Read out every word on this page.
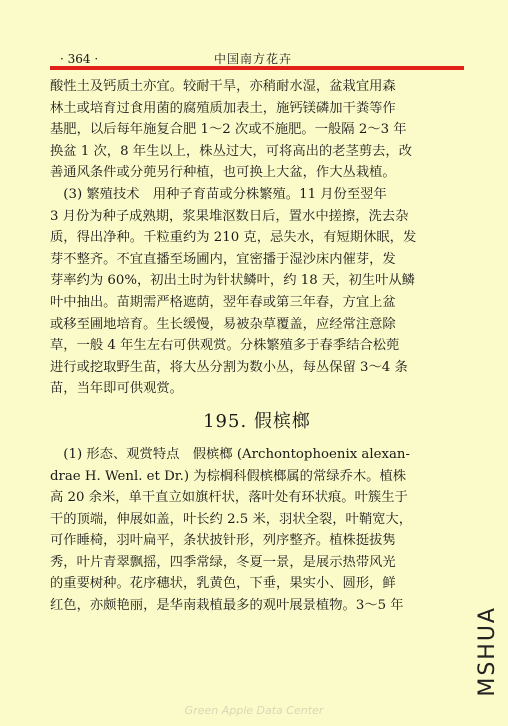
· 364 ·	中国南方花卉
酸性土及钙质土亦宜。较耐干旱，亦稍耐水湿，盆栽宜用森
林土或培育过食用菌的腐殖质加表土，施钙镁磷加干粪等作
基肥，以后每年施复合肥 1～2 次或不施肥。一般隔 2～3 年
换盆 1 次，8 年生以上，株丛过大，可将高出的老茎剪去，改
善通风条件或分蔸另行种植，也可换上大盆，作大丛栽植。
　(3) 繁殖技术　用种子育苗或分株繁殖。11 月份至翌年
3 月份为种子成熟期，浆果堆沤数日后，置水中搓擦，洗去杂
质，得出净种。千粒重约为 210 克，忌失水，有短期休眠，发
芽不整齐。不宜直播至场圃内，宜密播于湿沙床内催芽，发
芽率约为 60%，初出土时为针状鳞叶，约 18 天，初生叶从鳞
叶中抽出。苗期需严格遮荫，翌年春或第三年春，方宜上盆
或移至圃地培育。生长缓慢，易被杂草覆盖，应经常注意除
草，一般 4 年生左右可供观赏。分株繁殖多于春季结合松蔸
进行或挖取野生苗，将大丛分割为数小丛，每丛保留 3～4 条
苗，当年即可供观赏。
195. 假槟榔
　(1) 形态、观赏特点　假槟榔 (Archontophoenix alexan-
drae H. Wenl. et Dr.) 为棕榈科假槟榔属的常绿乔木。植株
高 20 余米，单干直立如旗杆状，落叶处有环状痕。叶簇生于
干的顶端，伸展如盖，叶长约 2.5 米，羽状全裂，叶鞘宽大，
可作睡椅，羽叶扁平，条状披针形，列序整齐。植株挺拔隽
秀，叶片青翠飘摇，四季常绿，冬夏一景，是展示热带风光
的重要树种。花序穗状，乳黄色，下垂，果实小、圆形，鲜
红色，亦颇艳丽，是华南栽植最多的观叶展景植物。3～5 年
MSHUA
Green Apple Data Center
